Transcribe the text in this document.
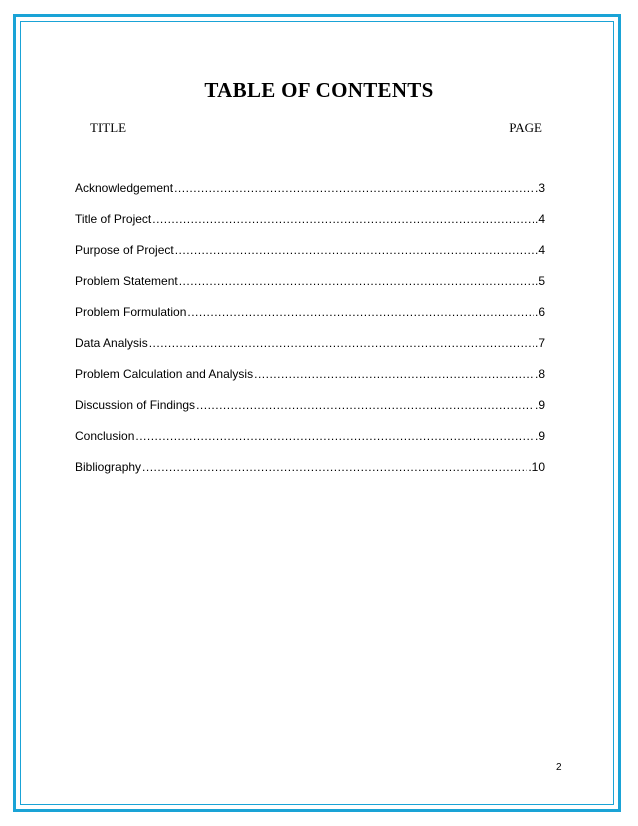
TABLE OF CONTENTS
TITLE	PAGE
Acknowledgement .....	.3
Title of Project .....	.4
Purpose of Project .....	.4
Problem Statement .....	.5
Problem Formulation .....	.6
Data Analysis .....	.7
Problem Calculation and Analysis .....	.8
Discussion of Findings .....	.9
Conclusion .....	.9
Bibliography .....	.10
2
